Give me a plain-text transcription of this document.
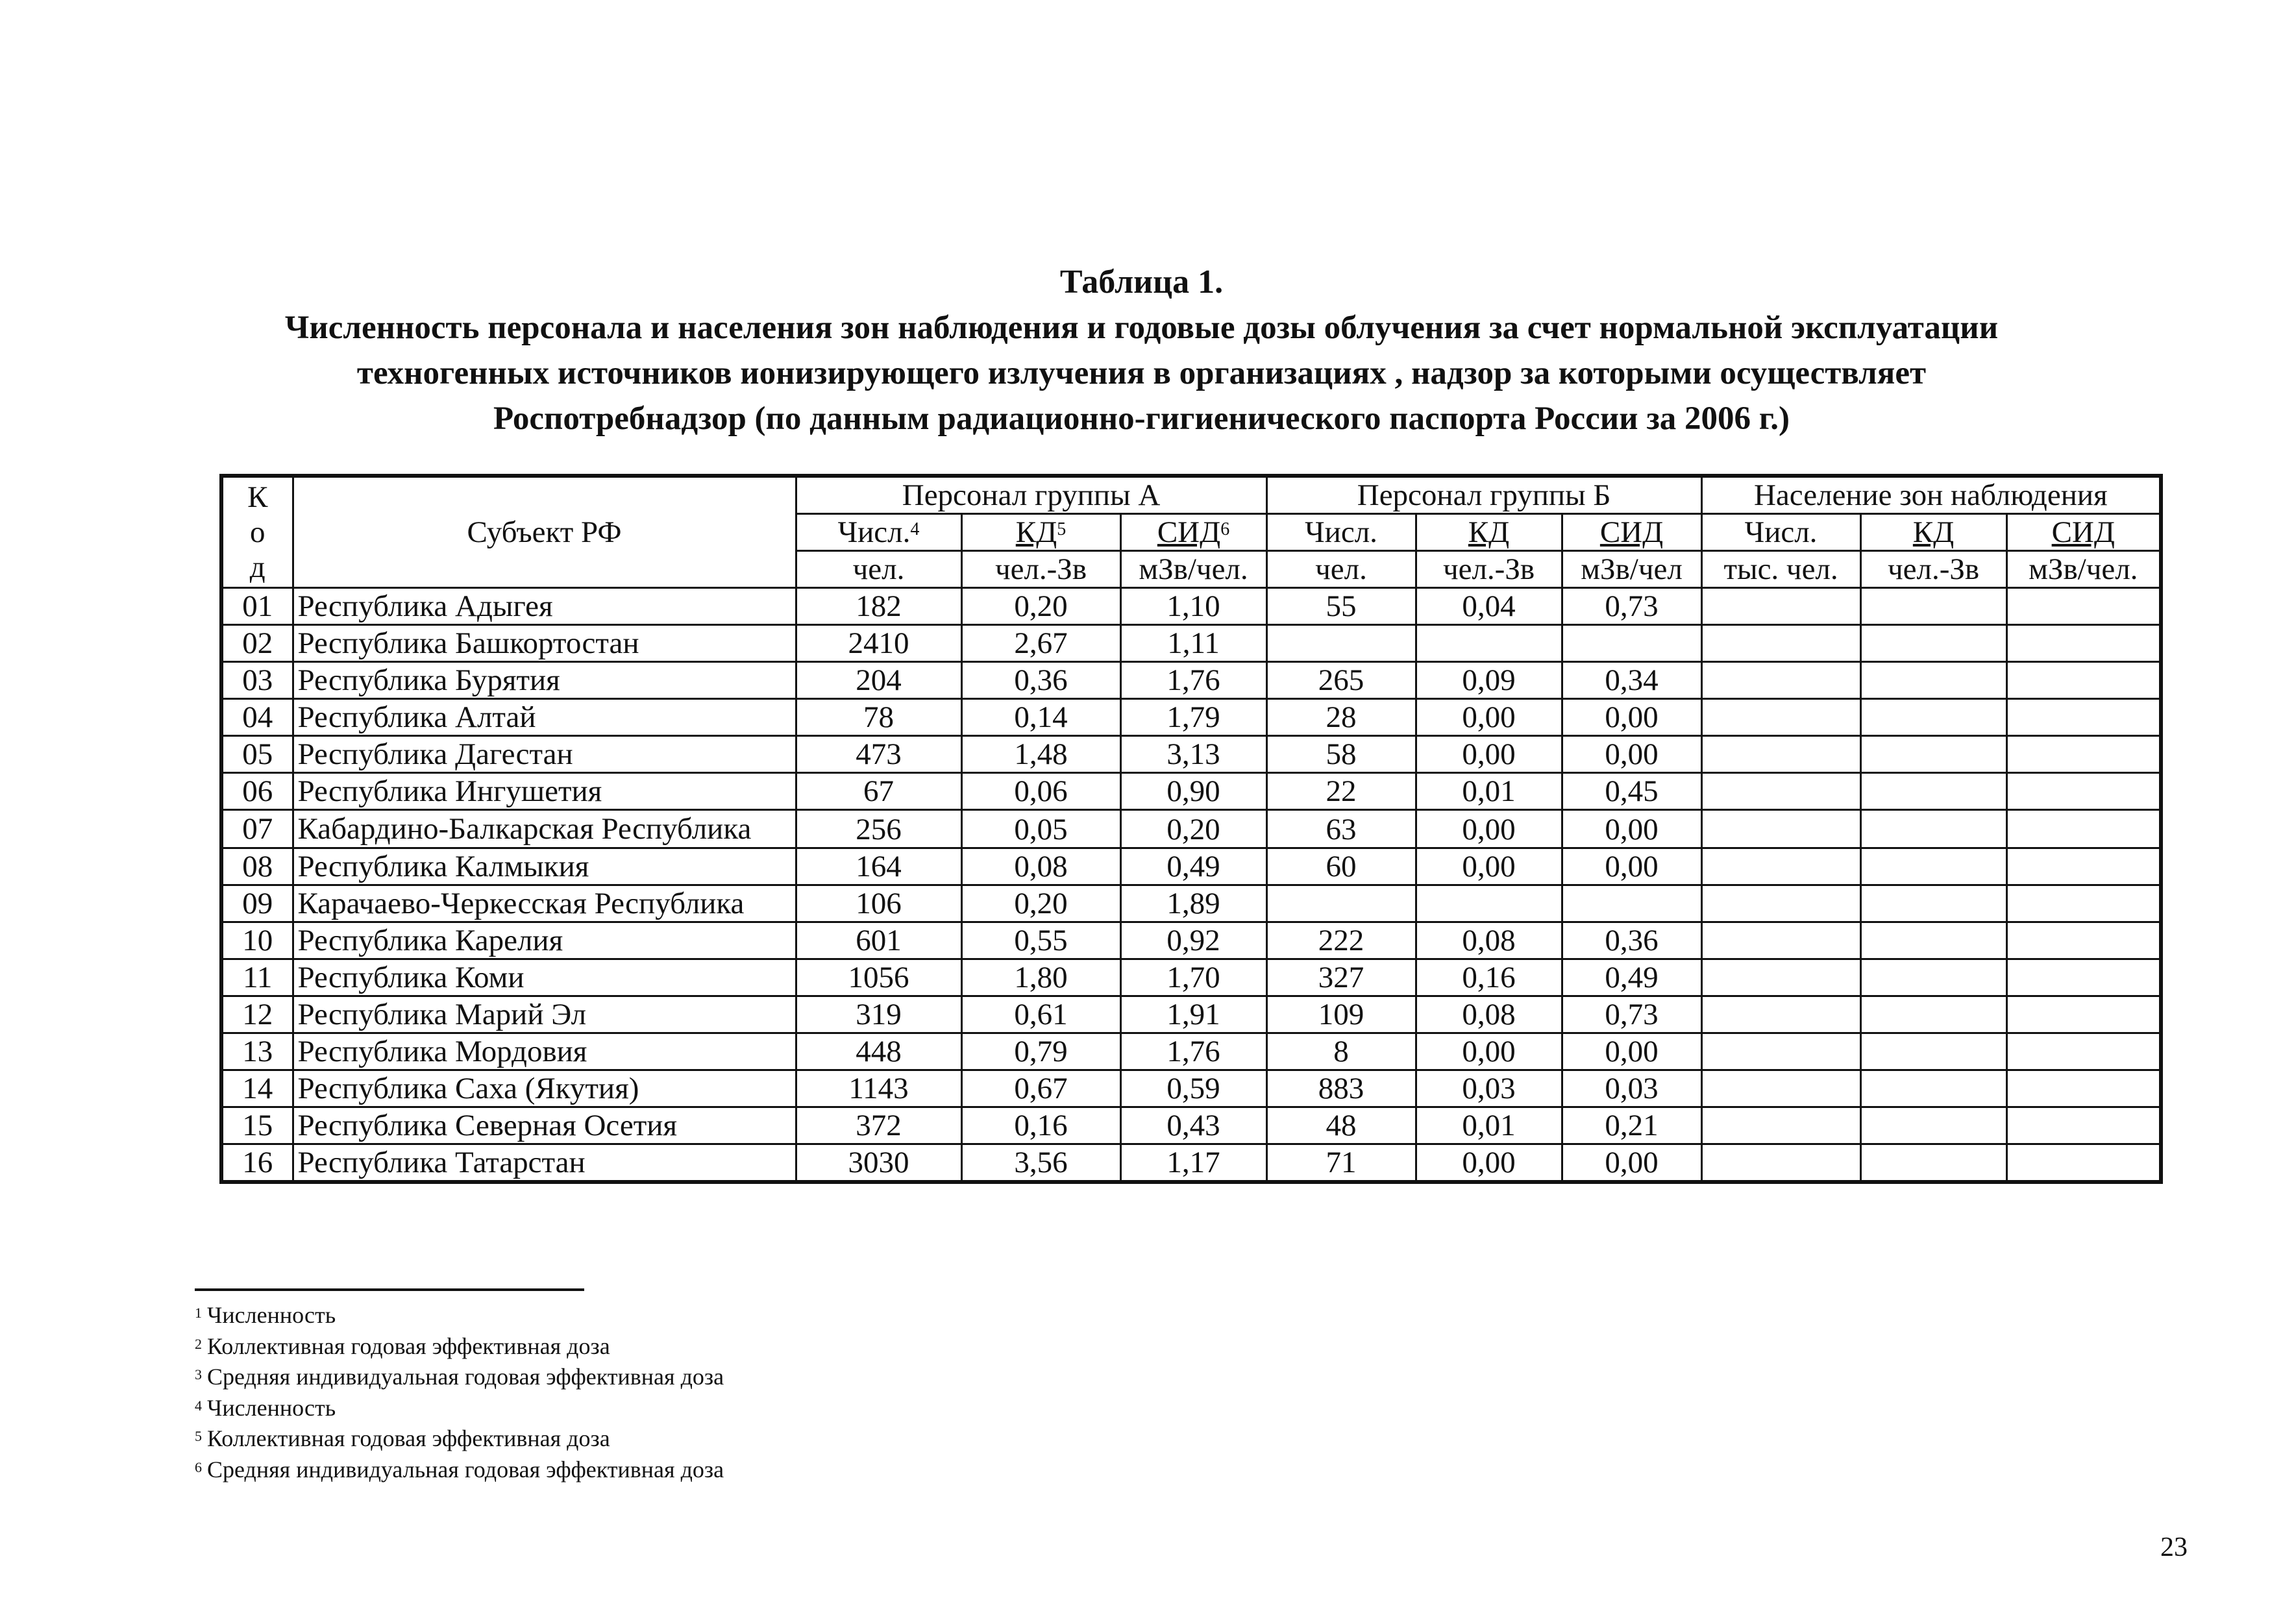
Таблица 1.
Численность персонала и населения зон наблюдения и годовые дозы облучения за счет нормальной эксплуатации
техногенных источников ионизирующего излучения в организациях , надзор за которыми осуществляет
Роспотребнадзор (по данным радиационно-гигиенического паспорта России за 2006 г.)
К
о
д	Субъект РФ	Персонал группы А			Персонал группы Б			Население зон наблюдения		
		Числ.$^4$	$КД^5$	СИД$^6$	Числ.	КД	СИД	Числ.	КД	СИД
		чел.	чел.-Зв	мЗв/чел.	чел.	чел.-Зв	мЗв/чел	тыс. чел.	чел.-Зв	мЗв/чел.
01	Республика Адыгея	182	0,20	1,10	55	0,04	0,73			
02	Республика Башкортостан	2410	2,67	1,11						
03	Республика Бурятия	204	0,36	1,76	265	0,09	0,34			
04	Республика Алтай	78	0,14	1,79	28	0,00	0,00			
05	Республика Дагестан	473	1,48	3,13	58	0,00	0,00			
06	Республика Ингушетия	67	0,06	0,90	22	0,01	0,45			
07	Кабардино-Балкарская Республика	256	0,05	0,20	63	0,00	0,00			
08	Республика Калмыкия	164	0,08	0,49	60	0,00	0,00			
09	Карачаево-Черкесская Республика	106	0,20	1,89						
10	Республика Карелия	601	0,55	0,92	222	0,08	0,36			
11	Республика Коми	1056	1,80	1,70	327	0,16	0,49			
12	Республика Марий Эл	319	0,61	1,91	109	0,08	0,73			
13	Республика Мордовия	448	0,79	1,76	8	0,00	0,00			
14	Республика Саха (Якутия)	1143	0,67	0,59	883	0,03	0,03			
15	Республика Северная Осетия	372	0,16	0,43	48	0,01	0,21			
16	Республика Татарстан	3030	3,56	1,17	71	0,00	0,00			
$^1$ Численность
$^2$ Коллективная годовая эффективная доза
$^3$ Средняя индивидуальная годовая эффективная доза
$^4$ Численность
$^5$ Коллективная годовая эффективная доза
$^6$ Средняя индивидуальная годовая эффективная доза
23
